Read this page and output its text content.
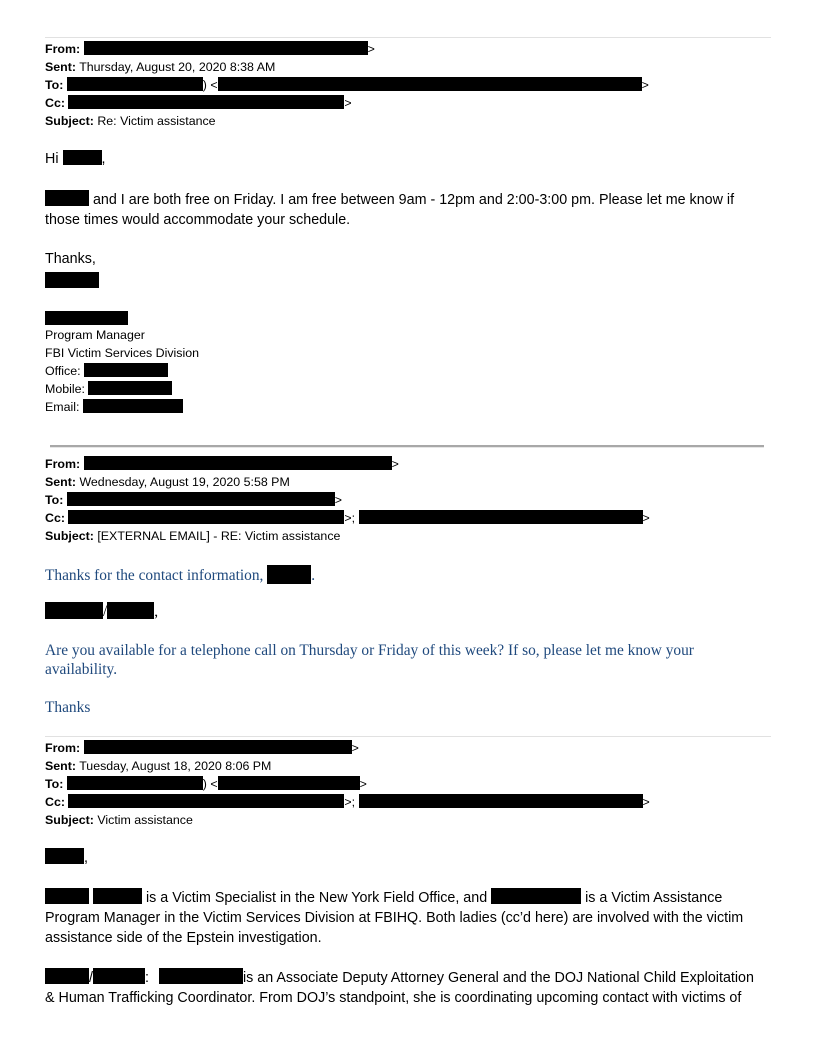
From:	>
Sent: Thursday, August 20, 2020 8:38 AM
To:	) <	>
Cc:	>
Subject: Re: Victim assistance
Hi	,
and I are both free on Friday. I am free between 9am - 12pm and 2:00-3:00 pm. Please let me know if
those times would accommodate your schedule.
Thanks,
Program Manager
FBI Victim Services Division
Office:
Mobile:
Email:
From:	>
Sent: Wednesday, August 19, 2020 5:58 PM
To:	>
Cc:	>;	>
Subject: [EXTERNAL EMAIL] - RE: Victim assistance
Thanks for the contact information,	.
/	,
Are you available for a telephone call on Thursday or Friday of this week? If so, please let me know your
availability.
Thanks
From:	>
Sent: Tuesday, August 18, 2020 8:06 PM
To:	) <	>
Cc:	>;	>
Subject: Victim assistance
,
is a Victim Specialist in the New York Field Office, and	is a Victim Assistance
Program Manager in the Victim Services Division at FBIHQ. Both ladies (cc’d here) are involved with the victim
assistance side of the Epstein investigation.
/	:	is an Associate Deputy Attorney General and the DOJ National Child Exploitation
& Human Trafficking Coordinator. From DOJ’s standpoint, she is coordinating upcoming contact with victims of
